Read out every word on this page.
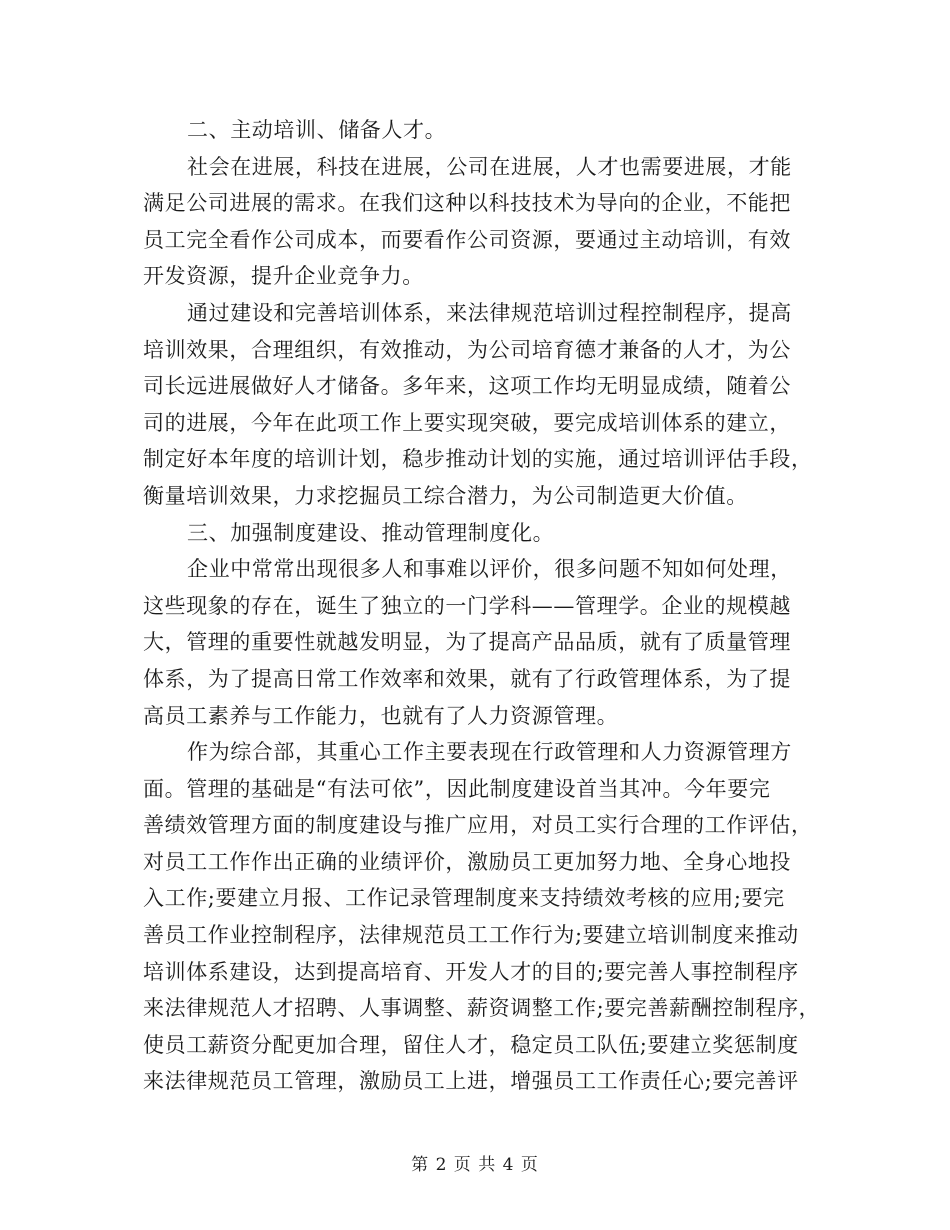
二、主动培训、储备人才。
社会在进展，科技在进展，公司在进展，人才也需要进展，才能
满足公司进展的需求。在我们这种以科技技术为导向的企业，不能把
员工完全看作公司成本，而要看作公司资源，要通过主动培训，有效
开发资源，提升企业竞争力。
通过建设和完善培训体系，来法律规范培训过程控制程序，提高
培训效果，合理组织，有效推动，为公司培育德才兼备的人才，为公
司长远进展做好人才储备。多年来，这项工作均无明显成绩，随着公
司的进展，今年在此项工作上要实现突破，要完成培训体系的建立，
制定好本年度的培训计划，稳步推动计划的实施，通过培训评估手段，
衡量培训效果，力求挖掘员工综合潜力，为公司制造更大价值。
三、加强制度建设、推动管理制度化。
企业中常常出现很多人和事难以评价，很多问题不知如何处理，
这些现象的存在，诞生了独立的一门学科——管理学。企业的规模越
大，管理的重要性就越发明显，为了提高产品品质，就有了质量管理
体系，为了提高日常工作效率和效果，就有了行政管理体系，为了提
高员工素养与工作能力，也就有了人力资源管理。
作为综合部，其重心工作主要表现在行政管理和人力资源管理方
面。管理的基础是“有法可依”，因此制度建设首当其冲。今年要完
善绩效管理方面的制度建设与推广应用，对员工实行合理的工作评估，
对员工工作作出正确的业绩评价，激励员工更加努力地、全身心地投
入工作;要建立月报、工作记录管理制度来支持绩效考核的应用;要完
善员工作业控制程序，法律规范员工工作行为;要建立培训制度来推动
培训体系建设，达到提高培育、开发人才的目的;要完善人事控制程序
来法律规范人才招聘、人事调整、薪资调整工作;要完善薪酬控制程序，
使员工薪资分配更加合理，留住人才，稳定员工队伍;要建立奖惩制度
来法律规范员工管理，激励员工上进，增强员工工作责任心;要完善评
第 2 页 共 4 页
